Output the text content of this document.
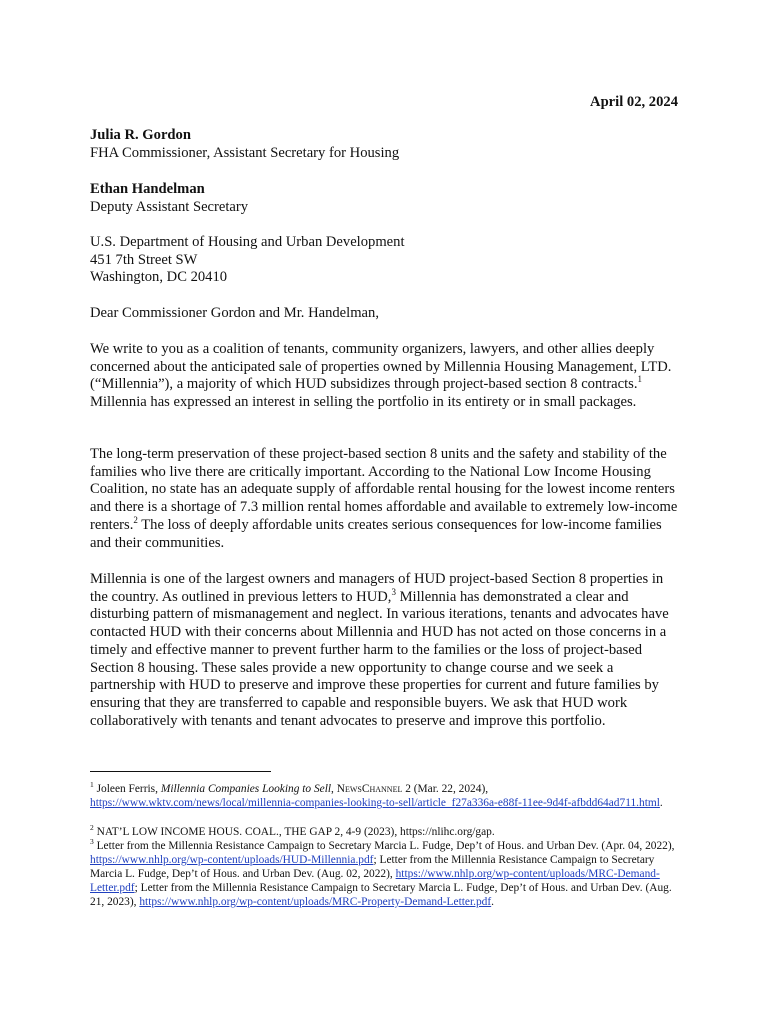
April 02, 2024

Julia R. Gordon

FHA Commissioner, Assistant Secretary for Housing

Ethan Handelman

Deputy Assistant Secretary

U.S. Department of Housing and Urban Development

451 7th Street SW

Washington, DC 20410

Dear Commissioner Gordon and Mr. Handelman,

We write to you as a coalition of tenants, community organizers, lawyers, and other allies deeply concerned about the anticipated sale of properties owned by Millennia Housing Management, LTD. (“Millennia”), a majority of which HUD subsidizes through project-based section 8 contracts.$^1$ Millennia has expressed an interest in selling the portfolio in its entirety or in small packages.

The long-term preservation of these project-based section 8 units and the safety and stability of the families who live there are critically important. According to the National Low Income Housing Coalition, no state has an adequate supply of affordable rental housing for the lowest income renters and there is a shortage of 7.3 million rental homes affordable and available to extremely low-income renters.$^2$ The loss of deeply affordable units creates serious consequences for low-income families and their communities.

Millennia is one of the largest owners and managers of HUD project-based Section 8 properties in the country. As outlined in previous letters to HUD,$^3$ Millennia has demonstrated a clear and disturbing pattern of mismanagement and neglect. In various iterations, tenants and advocates have contacted HUD with their concerns about Millennia and HUD has not acted on those concerns in a timely and effective manner to prevent further harm to the families or the loss of project-based Section 8 housing. These sales provide a new opportunity to change course and we seek a partnership with HUD to preserve and improve these properties for current and future families by ensuring that they are transferred to capable and responsible buyers. We ask that HUD work collaboratively with tenants and tenant advocates to preserve and improve this portfolio.

$^1$ Joleen Ferris, Millennia Companies Looking to Sell, NewsChannel 2 (Mar. 22, 2024), https://www.wktv.com/news/local/millennia-companies-looking-to-sell/article_f27a336a-e88f-11ee-9d4f-afbdd64ad711.html.

$^2$ NAT’L LOW INCOME HOUS. COAL., THE GAP 2, 4-9 (2023), https://nlihc.org/gap.

$^3$ Letter from the Millennia Resistance Campaign to Secretary Marcia L. Fudge, Dep’t of Hous. and Urban Dev. (Apr. 04, 2022), https://www.nhlp.org/wp-content/uploads/HUD-Millennia.pdf; Letter from the Millennia Resistance Campaign to Secretary Marcia L. Fudge, Dep’t of Hous. and Urban Dev. (Aug. 02, 2022), https://www.nhlp.org/wp-content/uploads/MRC-Demand-Letter.pdf; Letter from the Millennia Resistance Campaign to Secretary Marcia L. Fudge, Dep’t of Hous. and Urban Dev. (Aug. 21, 2023), https://www.nhlp.org/wp-content/uploads/MRC-Property-Demand-Letter.pdf.
